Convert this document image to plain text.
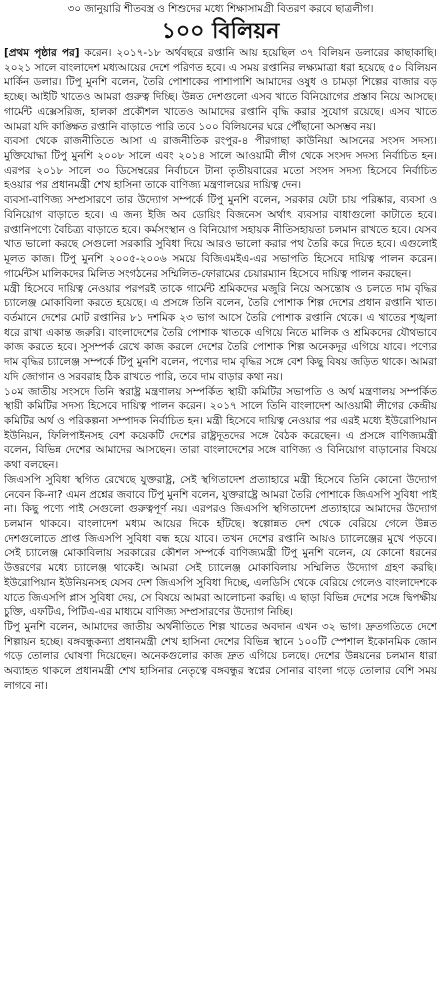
৩০ জানুয়ারি শীতবস্ত্র ও শিশুদের মধ্যে শিক্ষাসামগ্রী বিতরণ করবে ছাত্রলীগ।
১০০ বিলিয়ন

[প্রথম পৃষ্ঠার পর] করেন। ২০১৭-১৮ অর্থবছরে রপ্তানি আয় হয়েছিল ৩৭ বিলিয়ন ডলারের কাছাকাছি। ২০২১ সালে বাংলাদেশ মধ্যআয়ের দেশে পরিণত হবে। এ সময় রপ্তানির লক্ষ্যমাত্রা ধরা হয়েছে ৫০ বিলিয়ন মার্কিন ডলার। টিপু মুনশি বলেন, তৈরি পোশাকের পাশাপাশি আমাদের ওষুধ ও চামড়া শিল্পের বাজার বড় হচ্ছে। আইটি খাতেও আমরা গুরুত্ব দিচ্ছি। উন্নত দেশগুলো এসব খাতে বিনিয়োগের প্রস্তাব নিয়ে আসছে। গার্মেন্ট এক্সেসরিজ, হালকা প্রকৌশল খাতেও আমাদের রপ্তানি বৃদ্ধি করার সুযোগ রয়েছে। এসব খাতে আমরা যদি কাঙ্ক্ষিত রপ্তানি বাড়াতে পারি তবে ১০০ বিলিয়নের ঘরে পৌঁছানো অসম্ভব নয়।

ব্যবসা থেকে রাজনীতিতে আসা এ রাজনীতিক রংপুর-৪ পীরগাছা কাউনিয়া আসনের সংসদ সদস্য। মুক্তিযোদ্ধা টিপু মুনশি ২০০৮ সালে এবং ২০১৪ সালে আওয়ামী লীগ থেকে সংসদ সদস্য নির্বাচিত হন। এরপর ২০১৮ সালে ৩০ ডিসেম্বরের নির্বাচনে টানা তৃতীয়বারের মতো সংসদ সদস্য হিসেবে নির্বাচিত হওয়ার পর প্রধানমন্ত্রী শেখ হাসিনা তাকে বাণিজ্য মন্ত্রণালয়ের দায়িত্ব দেন।

ব্যবসা-বাণিজ্য সম্প্রসারণে তার উদ্যোগ সম্পর্কে টিপু মুনশি বলেন, সরকার যেটা চায় পরিষ্কার, ব্যবসা ও বিনিয়োগ বাড়াতে হবে। এ জন্য ইজি অব ডোয়িং বিজনেস অর্থাৎ ব্যবসার বাধাগুলো কাটাতে হবে। রপ্তানিপণ্যে বৈচিত্র্য বাড়াতে হবে। কর্মসংস্থান ও বিনিয়োগ সহায়ক নীতিসহায়তা চলমান রাখতে হবে। যেসব খাত ভালো করছে সেগুলো সরকারি সুবিধা দিয়ে আরও ভালো করার পথ তৈরি করে দিতে হবে। এগুলোই মূলত কাজ। টিপু মুনশি ২০০৫-২০০৬ সময়ে বিজিএমইএ-এর সভাপতি হিসেবে দায়িত্ব পালন করেন। গার্মেন্টস মালিকদের মিলিত সংগঠনের সম্মিলিত-ফোরামের চেয়ারম্যান হিসেবে দায়িত্ব পালন করছেন।

মন্ত্রী হিসেবে দায়িত্ব নেওয়ার পরপরই তাকে গার্মেন্ট শ্রমিকদের মজুরি নিয়ে অসন্তোষ ও চলতে দাম বৃদ্ধির চ্যালেঞ্জ মোকাবিলা করতে হয়েছে। এ প্রসঙ্গে তিনি বলেন, তৈরি পোশাক শিল্প দেশের প্রধান রপ্তানি খাত। বর্তমানে দেশের মোট রপ্তানির ৮১ দশমিক ২৩ ভাগ আসে তৈরি পোশাক রপ্তানি থেকে। এ খাতের শৃঙ্খলা ধরে রাখা একান্ত জরুরি। বাংলাদেশের তৈরি পোশাক খাতকে এগিয়ে নিতে মালিক ও শ্রমিকদের যৌথভাবে কাজ করতে হবে। সুসম্পর্ক রেখে কাজ করলে দেশের তৈরি পোশাক শিল্প অনেকদূর এগিয়ে যাবে। পণ্যের দাম বৃদ্ধির চ্যালেঞ্জ সম্পর্কে টিপু মুনশি বলেন, পণ্যের দাম বৃদ্ধির সঙ্গে বেশ কিছু বিষয় জড়িত থাকে। আমরা যদি জোগান ও সরবরাহ ঠিক রাখতে পারি, তবে দাম বাড়ার কথা নয়।

১০ম জাতীয় সংসদে তিনি স্বরাষ্ট্র মন্ত্রণালয় সম্পর্কিত স্থায়ী কমিটির সভাপতি ও অর্থ মন্ত্রণালয় সম্পর্কিত স্থায়ী কমিটির সদস্য হিসেবে দায়িত্ব পালন করেন। ২০১৭ সালে তিনি বাংলাদেশ আওয়ামী লীগের কেন্দ্রীয় কমিটির অর্থ ও পরিকল্পনা সম্পাদক নির্বাচিত হন। মন্ত্রী হিসেবে দায়িত্ব নেওয়ার পর এরই মধ্যে ইউরোপিয়ান ইউনিয়ন, ফিলিপাইনসহ বেশ কয়েকটি দেশের রাষ্ট্রদূতদের সঙ্গে বৈঠক করেছেন। এ প্রসঙ্গে বাণিজ্যমন্ত্রী বলেন, বিভিন্ন দেশের আমাদের আসছেন। তারা বাংলাদেশের সঙ্গে বাণিজ্য ও বিনিয়োগ বাড়ানোর বিষয়ে কথা বলছেন।

জিএসপি সুবিধা স্থগিত রেখেছে যুক্তরাষ্ট্র, সেই স্থগিতাদেশ প্রত্যাহারে মন্ত্রী হিসেবে তিনি কোনো উদ্যোগ নেবেন কি-না? এমন প্রশ্নের জবাবে টিপু মুনশি বলেন, যুক্তরাষ্ট্রে আমরা তৈরি পোশাকে জিএসপি সুবিধা পাই না। কিছু পণ্যে পাই সেগুলো গুরুত্বপূর্ণ নয়। এরপরও জিএসপি স্থগিতাদেশ প্রত্যাহারে আমাদের উদ্যোগ চলমান থাকবে। বাংলাদেশ মধ্যম আয়ের দিকে হাঁটছে। স্বল্পোন্নত দেশ থেকে বেরিয়ে গেলে উন্নত দেশগুলোতে প্রাপ্ত জিএসপি সুবিধা বন্ধ হয়ে যাবে। তখন দেশের রপ্তানি আয়ও চ্যালেঞ্জের মুখে পড়বে। সেই চ্যালেঞ্জ মোকাবিলায় সরকারের কৌশল সম্পর্কে বাণিজ্যমন্ত্রী টিপু মুনশি বলেন, যে কোনো ধরনের উত্তরণের মধ্যে চ্যালেঞ্জ থাকেই। আমরা সেই চ্যালেঞ্জ মোকাবিলায় সম্মিলিত উদ্যোগ গ্রহণ করছি। ইউরোপিয়ান ইউনিয়নসহ যেসব দেশ জিএসপি সুবিধা দিচ্ছে, এলডিসি থেকে বেরিয়ে গেলেও বাংলাদেশকে যাতে জিএসপি প্লাস সুবিধা দেয়, সে বিষয়ে আমরা আলোচনা করছি। এ ছাড়া বিভিন্ন দেশের সঙ্গে দ্বিপক্ষীয় চুক্তি, এফটিএ, পিটিএ-এর মাধ্যমে বাণিজ্য সম্প্রসারণের উদ্যোগ নিচ্ছি।

টিপু মুনশি বলেন, আমাদের জাতীয় অর্থনীতিতে শিল্প খাতের অবদান এখন ৩২ ভাগ। দ্রুতগতিতে দেশে শিল্পায়ন হচ্ছে। বঙ্গবন্ধুকন্যা প্রধানমন্ত্রী শেখ হাসিনা দেশের বিভিন্ন স্থানে ১০০টি স্পেশাল ইকোনমিক জোন গড়ে তোলার ঘোষণা দিয়েছেন। অনেকগুলোর কাজ দ্রুত এগিয়ে চলছে। দেশের উন্নয়নের চলমান ধারা অব্যাহত থাকলে প্রধানমন্ত্রী শেখ হাসিনার নেতৃত্বে বঙ্গবন্ধুর স্বপ্নের সোনার বাংলা গড়ে তোলার বেশি সময় লাগবে না।
